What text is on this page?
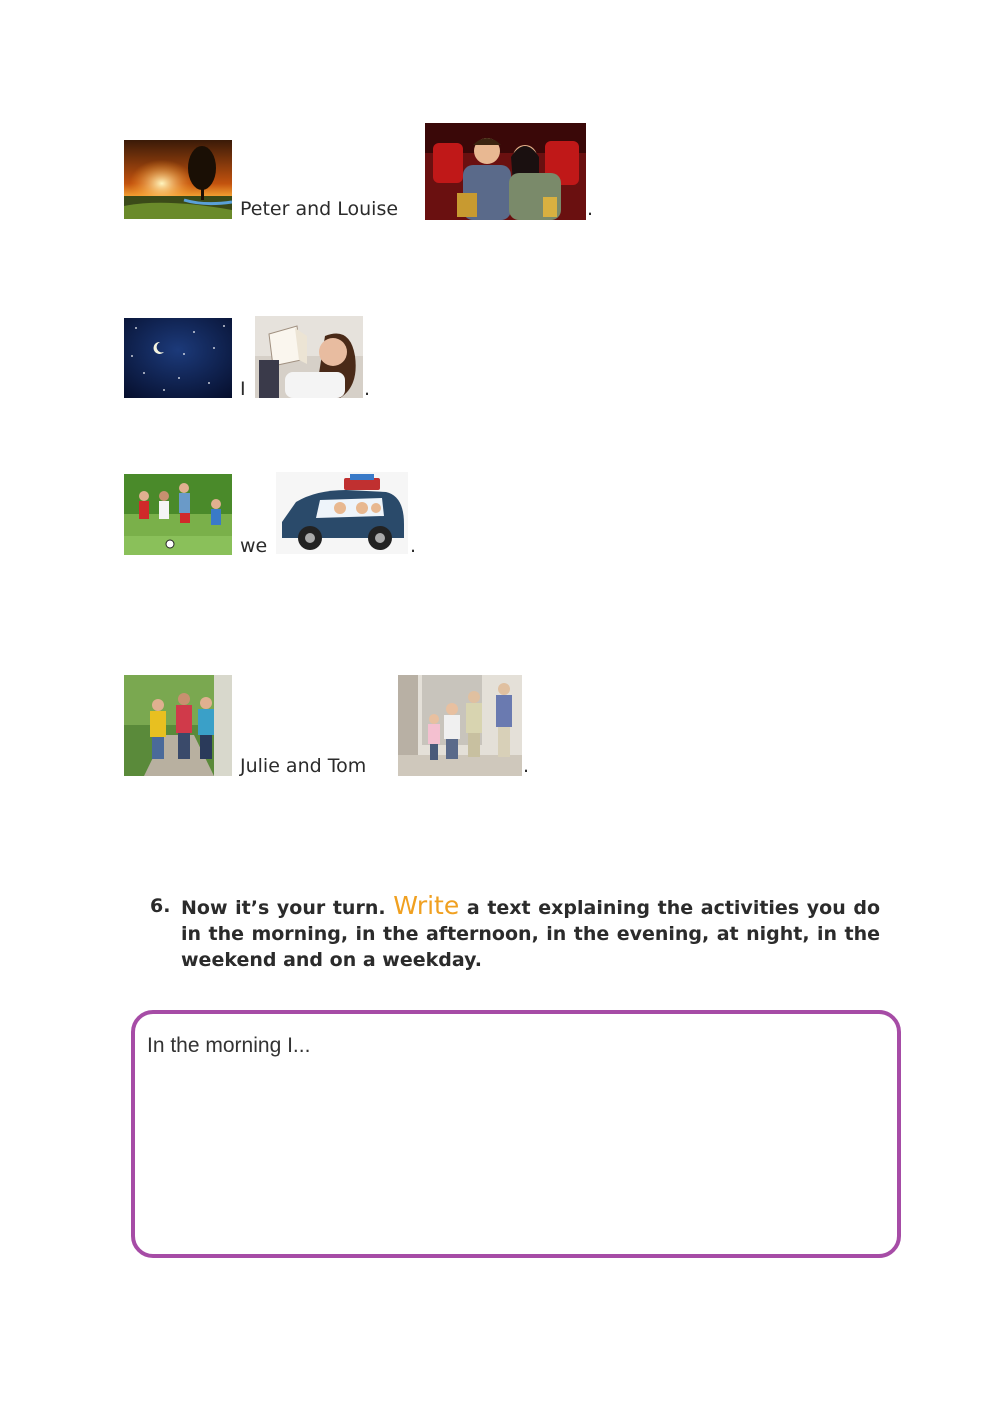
Peter and Louise	.
I	.
we	.
Julie and Tom	.
6. Now it’s your turn. Write a text explaining the activities you do in the morning, in the afternoon, in the evening, at night, in the weekend and on a weekday.
In the morning I...
